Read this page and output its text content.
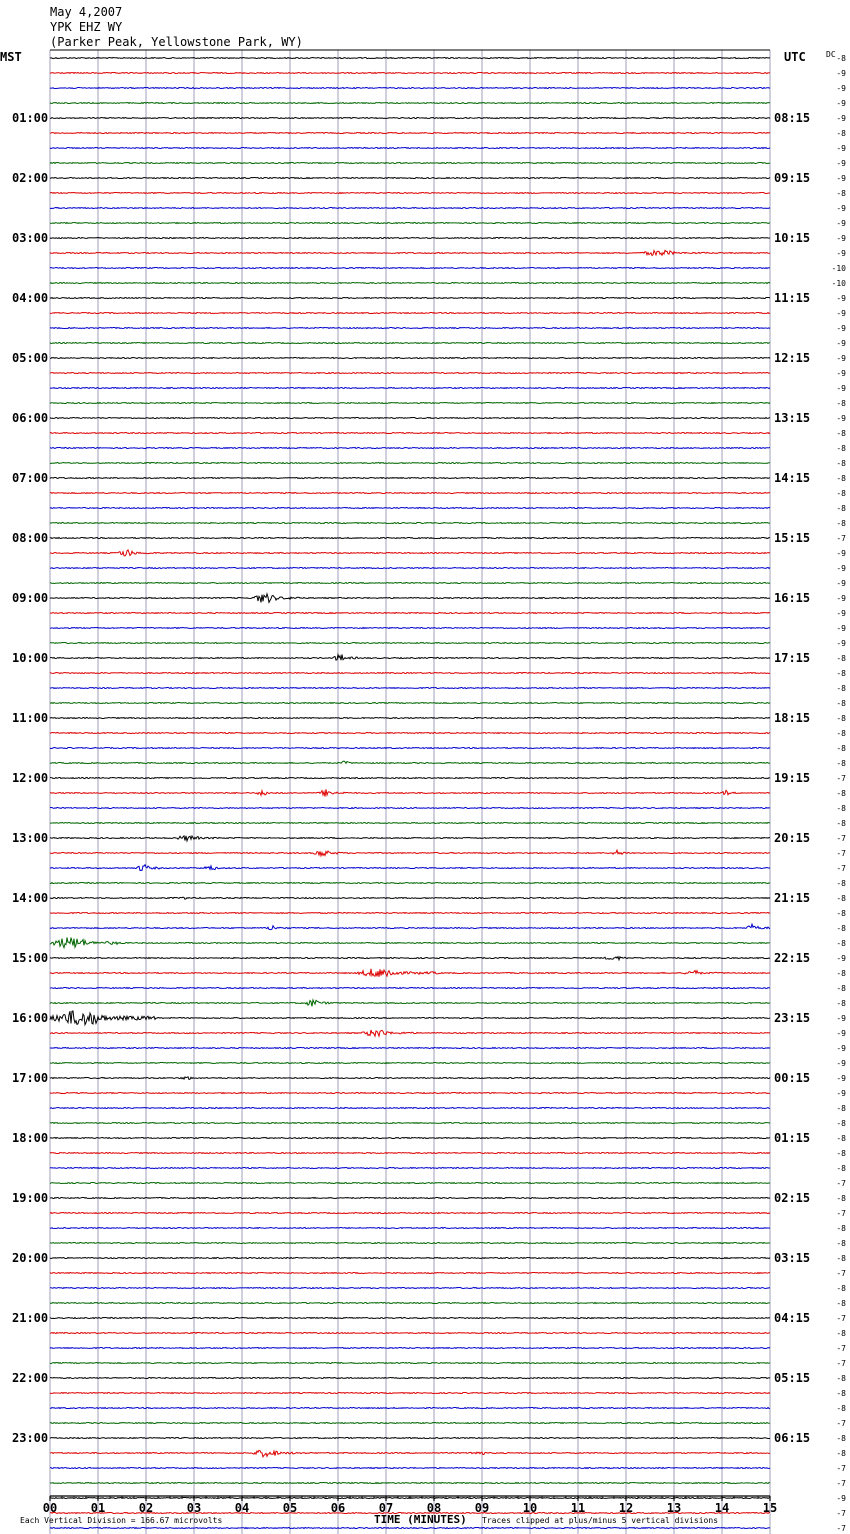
May 4,2007
YPK EHZ WY
(Parker Peak, Yellowstone Park, WY)
MST	UTC	DC
01:00
02:00
03:00
04:00
05:00
06:00
07:00
08:00
09:00
10:00
11:00
12:00
13:00
14:00
15:00
16:00
17:00
18:00
19:00
20:00
21:00
22:00
23:00
08:15
09:15
10:15
11:15
12:15
13:15
14:15
15:15
16:15
17:15
18:15
19:15
20:15
21:15
22:15
23:15
00:15
01:15
02:15
03:15
04:15
05:15
06:15
-8
-9
-9
-9
-9
-8
-9
-9
-9
-8
-9
-9
-9
-9
-10
-10
-9
-9
-9
-9
-9
-9
-9
-8
-9
-8
-8
-8
-8
-8
-8
-8
-7
-9
-9
-9
-9
-9
-9
-9
-8
-8
-8
-8
-8
-8
-8
-8
-7
-8
-8
-8
-7
-7
-7
-8
-8
-8
-8
-8
-9
-8
-8
-8
-9
-9
-9
-9
-9
-9
-8
-8
-8
-8
-8
-7
-8
-7
-8
-8
-8
-7
-8
-8
-7
-8
-7
-7
-8
-8
-8
-7
-8
-8
-7
-7
-9
-7
-7
00	01	02	03	04	05	06	07	08	09	10	11	12	13	14	15
Each Vertical Division = 166.67 microvolts	TIME (MINUTES) Traces clipped at plus/minus 5 vertical divisions
